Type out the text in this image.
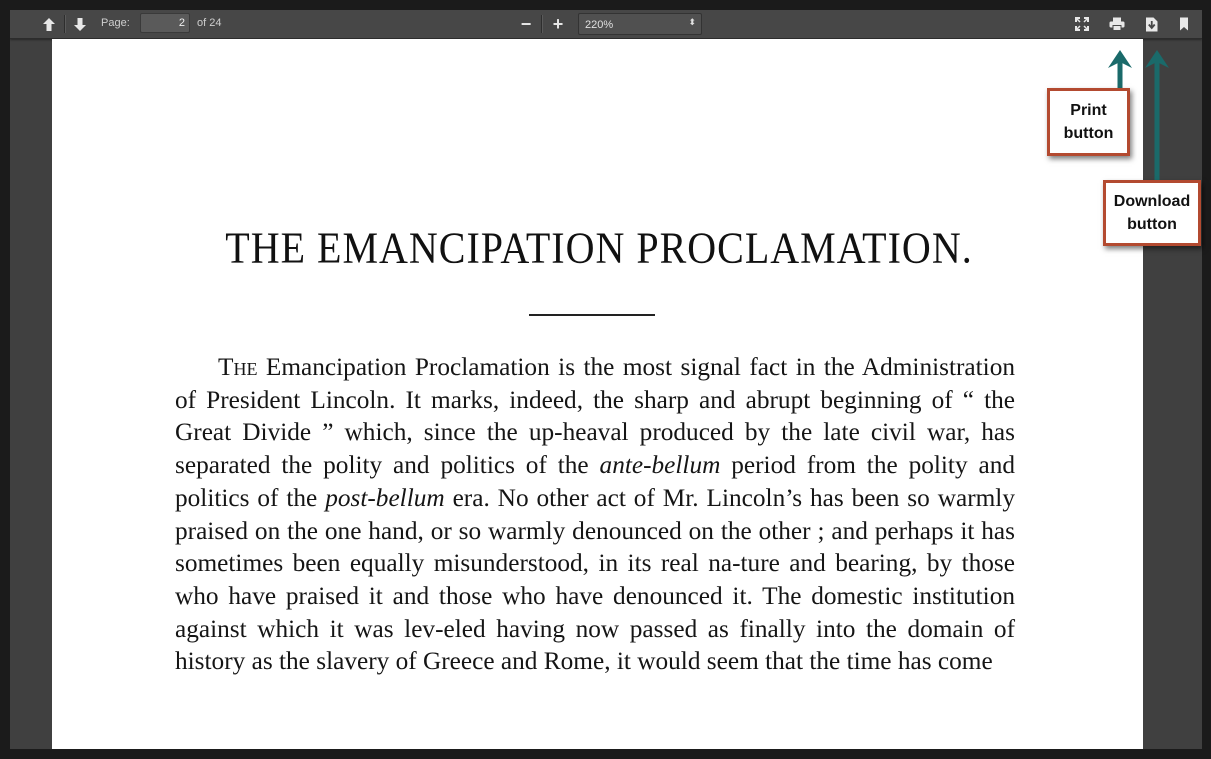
Page:
2	of 24	−	+	220%	⬍
THE EMANCIPATION PROCLAMATION.

The Emancipation Proclamation is the most signal fact in the Administration of President Lincoln. It marks, indeed, the sharp and abrupt beginning of “ the Great Divide ” which, since the up-heaval produced by the late civil war, has separated the polity and politics of the ante-bellum period from the polity and politics of the post-bellum era. No other act of Mr. Lincoln’s has been so warmly praised on the one hand, or so warmly denounced on the other ; and perhaps it has sometimes been equally misunderstood, in its real na-ture and bearing, by those who have praised it and those who have denounced it. The domestic institution against which it was lev-eled having now passed as finally into the domain of history as the slavery of Greece and Rome, it would seem that the time has come

Print button
Download button
